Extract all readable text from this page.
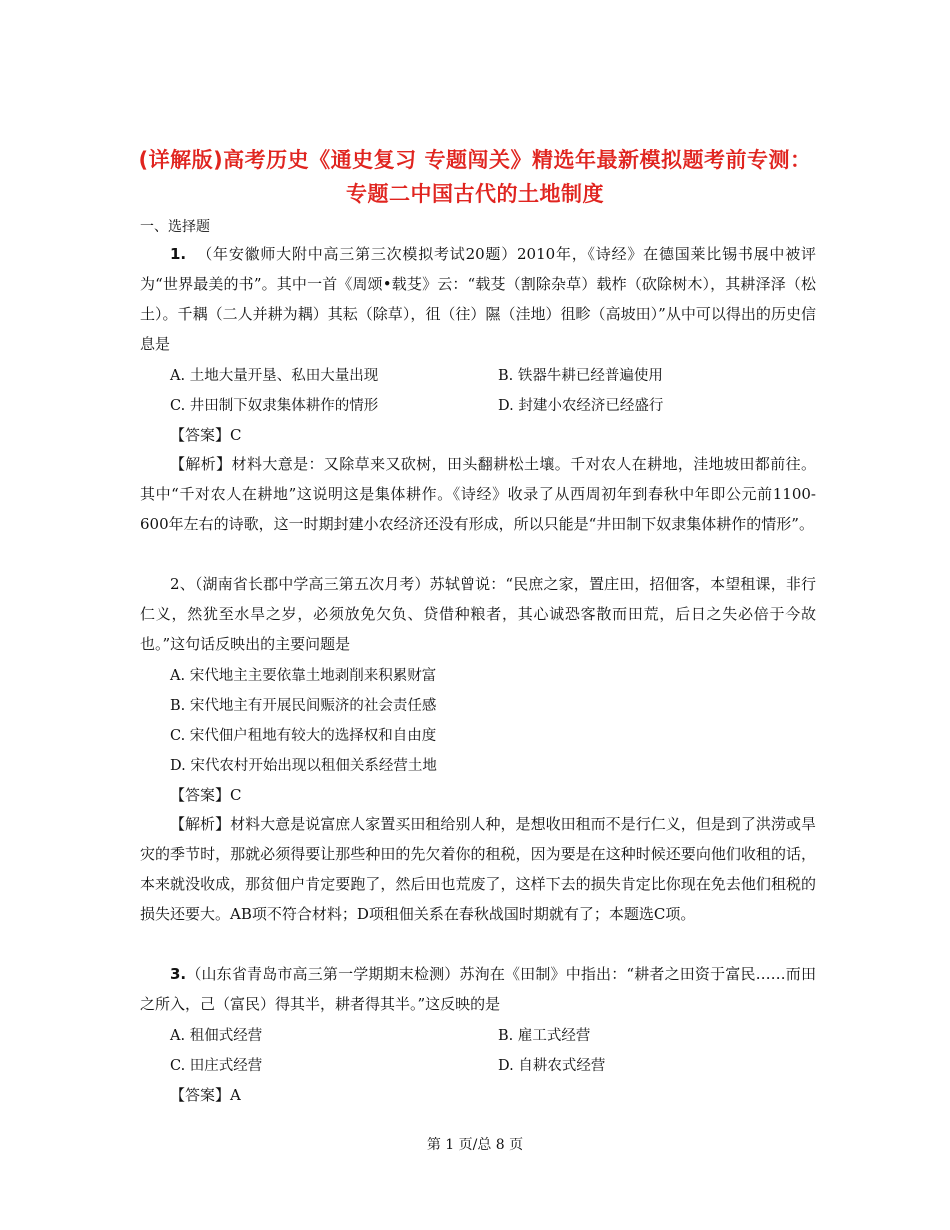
(详解版)高考历史《通史复习 专题闯关》精选年最新模拟题考前专测：
专题二中国古代的土地制度
一、选择题

1. （年安徽师大附中高三第三次模拟考试20题）2010年，《诗经》在德国莱比锡书展中被评为“世界最美的书”。其中一首《周颂•载芟》云：“载芟（割除杂草）载柞（砍除树木），其耕泽泽（松土）。千耦（二人并耕为耦）其耘（除草），徂（往）隰（洼地）徂畛（高坡田）”从中可以得出的历史信息是

A. 土地大量开垦、私田大量出现	B. 铁器牛耕已经普遍使用
C. 井田制下奴隶集体耕作的情形	D. 封建小农经济已经盛行
【答案】C

【解析】材料大意是：又除草来又砍树，田头翻耕松土壤。千对农人在耕地，洼地坡田都前往。 其中“千对农人在耕地”这说明这是集体耕作。《诗经》收录了从西周初年到春秋中年即公元前1100-600年左右的诗歌，这一时期封建小农经济还没有形成，所以只能是“井田制下奴隶集体耕作的情形”。

2、（湖南省长郡中学高三第五次月考）苏轼曾说：“民庶之家，置庄田，招佃客，本望租课，非行仁义，然犹至水旱之岁，必须放免欠负、贷借种粮者，其心诚恐客散而田荒，后日之失必倍于今故也。”这句话反映出的主要问题是

A. 宋代地主主要依靠土地剥削来积累财富
B. 宋代地主有开展民间赈济的社会责任感
C. 宋代佃户租地有较大的选择权和自由度
D. 宋代农村开始出现以租佃关系经营土地
【答案】C

【解析】材料大意是说富庶人家置买田租给别人种，是想收田租而不是行仁义，但是到了洪涝或旱灾的季节时，那就必须得要让那些种田的先欠着你的租税，因为要是在这种时候还要向他们收租的话，本来就没收成，那贫佃户肯定要跑了，然后田也荒废了，这样下去的损失肯定比你现在免去他们租税的损失还要大。AB项不符合材料；D项租佃关系在春秋战国时期就有了；本题选C项。

3.（山东省青岛市高三第一学期期末检测）苏洵在《田制》中指出：“耕者之田资于富民……而田之所入，己（富民）得其半，耕者得其半。”这反映的是

A. 租佃式经营	B. 雇工式经营
C. 田庄式经营	D. 自耕农式经营
【答案】A
第 1 页/总 8 页
